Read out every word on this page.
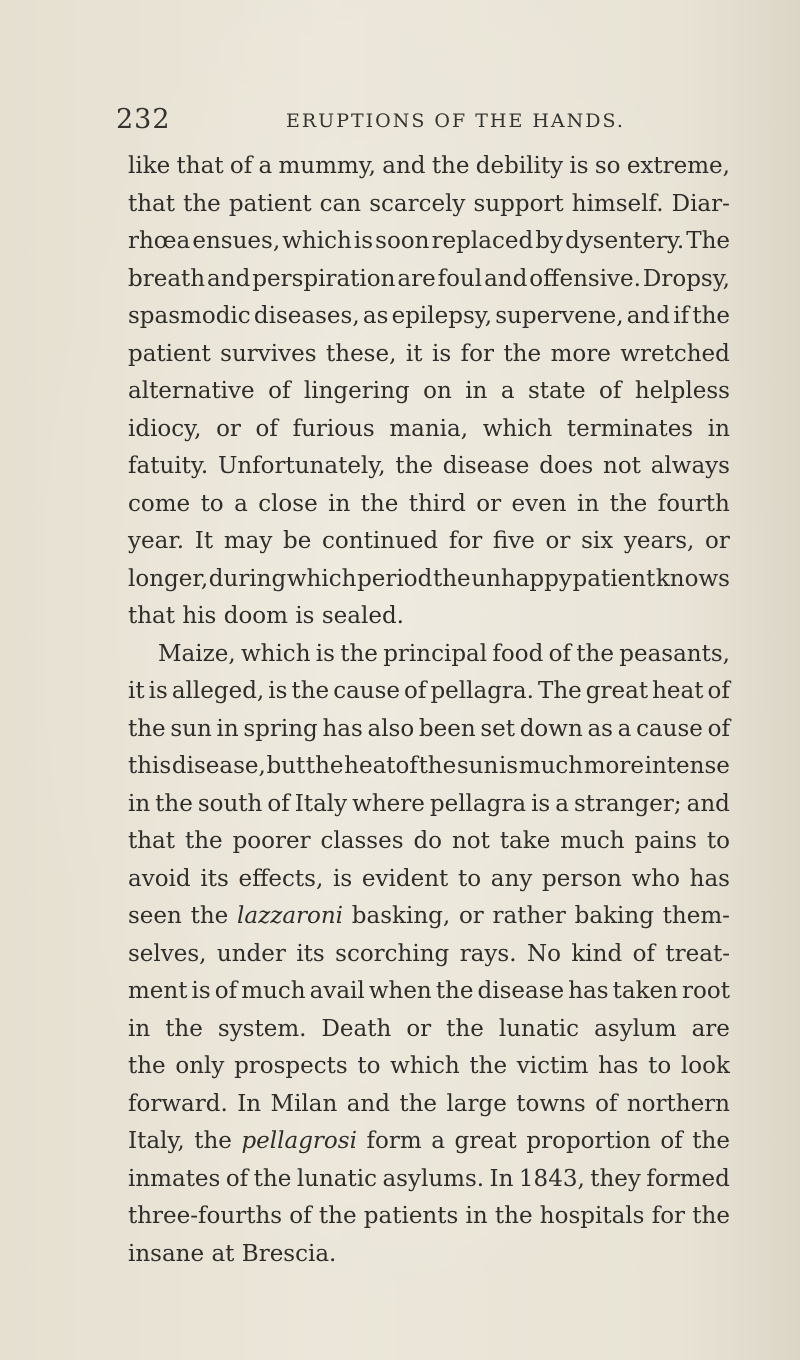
232	ERUPTIONS OF THE HANDS.
like that of a mummy, and the debility is so extreme,
that the patient can scarcely support himself. Diar-
rhœa ensues, which is soon replaced by dysentery. The
breath and perspiration are foul and offensive. Dropsy,
spasmodic diseases, as epilepsy, supervene, and if the
patient survives these, it is for the more wretched
alternative of lingering on in a state of helpless
idiocy, or of furious mania, which terminates in
fatuity. Unfortunately, the disease does not always
come to a close in the third or even in the fourth
year. It may be continued for five or six years, or
longer, during which period the unhappy patient knows
that his doom is sealed.
Maize, which is the principal food of the peasants,
it is alleged, is the cause of pellagra. The great heat of
the sun in spring has also been set down as a cause of
this disease, but the heatof the sun is much more intense
in the south of Italy where pellagra is a stranger; and
that the poorer classes do not take much pains to
avoid its effects, is evident to any person who has
seen the lazzaroni basking, or rather baking them-
selves, under its scorching rays. No kind of treat-
ment is of much avail when the disease has taken root
in the system. Death or the lunatic asylum are
the only prospects to which the victim has to look
forward. In Milan and the large towns of northern
Italy, the pellagrosi form a great proportion of the
inmates of the lunatic asylums. In 1843, they formed
three-fourths of the patients in the hospitals for the
insane at Brescia.
